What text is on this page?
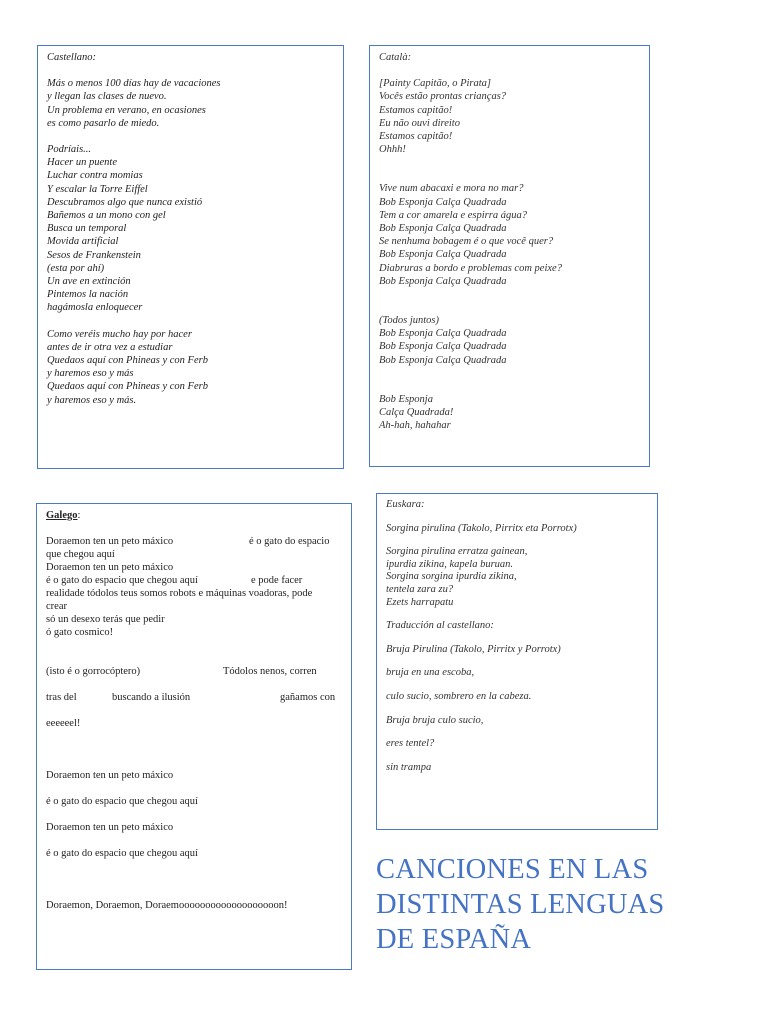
Castellano:

Más o menos 100 días hay de vacaciones
y llegan las clases de nuevo.
Un problema en verano, en ocasiones
es como pasarlo de miedo.

Podríais...
Hacer un puente
Luchar contra momias
Y escalar la Torre Eiffel
Descubramos algo que nunca existió
Bañemos a un mono con gel
Busca un temporal
Movida artificial
Sesos de Frankenstein
(esta por ahí)
Un ave en extinción
Pintemos la nación
hagámosla enloquecer

Como veréis mucho hay por hacer
antes de ir otra vez a estudiar
Quedaos aquí con Phineas y con Ferb
y haremos eso y más
Quedaos aquí con Phineas y con Ferb
y haremos eso y más.

Català:

[Painty Capitão, o Pirata]
Vocês estão prontas crianças?
Estamos capitão!
Eu não ouvi direito
Estamos capitão!
Ohhh!

Vive num abacaxi e mora no mar?
Bob Esponja Calça Quadrada
Tem a cor amarela e espirra água?
Bob Esponja Calça Quadrada
Se nenhuma bobagem é o que você quer?
Bob Esponja Calça Quadrada
Diabruras a bordo e problemas com peixe?
Bob Esponja Calça Quadrada

(Todos juntos)
Bob Esponja Calça Quadrada
Bob Esponja Calça Quadrada
Bob Esponja Calça Quadrada

Bob Esponja
Calça Quadrada!
Ah-hah, hahahar

Galego:

Doraemon ten un peto máxico	é o gato do espacio
que chegou aquí
Doraemon ten un peto máxico
é o gato do espacio que chegou aquí	e pode facer
realidade tódolos teus somos robots e máquinas voadoras, pode
crear
só un desexo terás que pedir
ó gato cosmico!
(isto é o gorrocóptero)	Tódolos nenos, corren
tras del	buscando a ilusión	gañamos con
eeeeeel!
Doraemon ten un peto máxico
é o gato do espacio que chegou aquí
Doraemon ten un peto máxico
é o gato do espacio que chegou aquí
Doraemon, Doraemon, Doraemooooooooooooooooooon!

Euskara:

Sorgina pirulina (Takolo, Pirritx eta Porrotx)

Sorgina pirulina erratza gainean,
ipurdia zikina, kapela buruan.
Sorgina sorgina ipurdia zikina,
tentela zara zu?
Ezets harrapatu

Traducción al castellano:

Bruja Pirulina (Takolo, Pirritx y Porrotx)

bruja en una escoba,

culo sucio, sombrero en la cabeza.

Bruja bruja culo sucio,

eres tentel?

sin trampa

CANCIONES EN LAS
DISTINTAS LENGUAS
DE ESPAÑA
